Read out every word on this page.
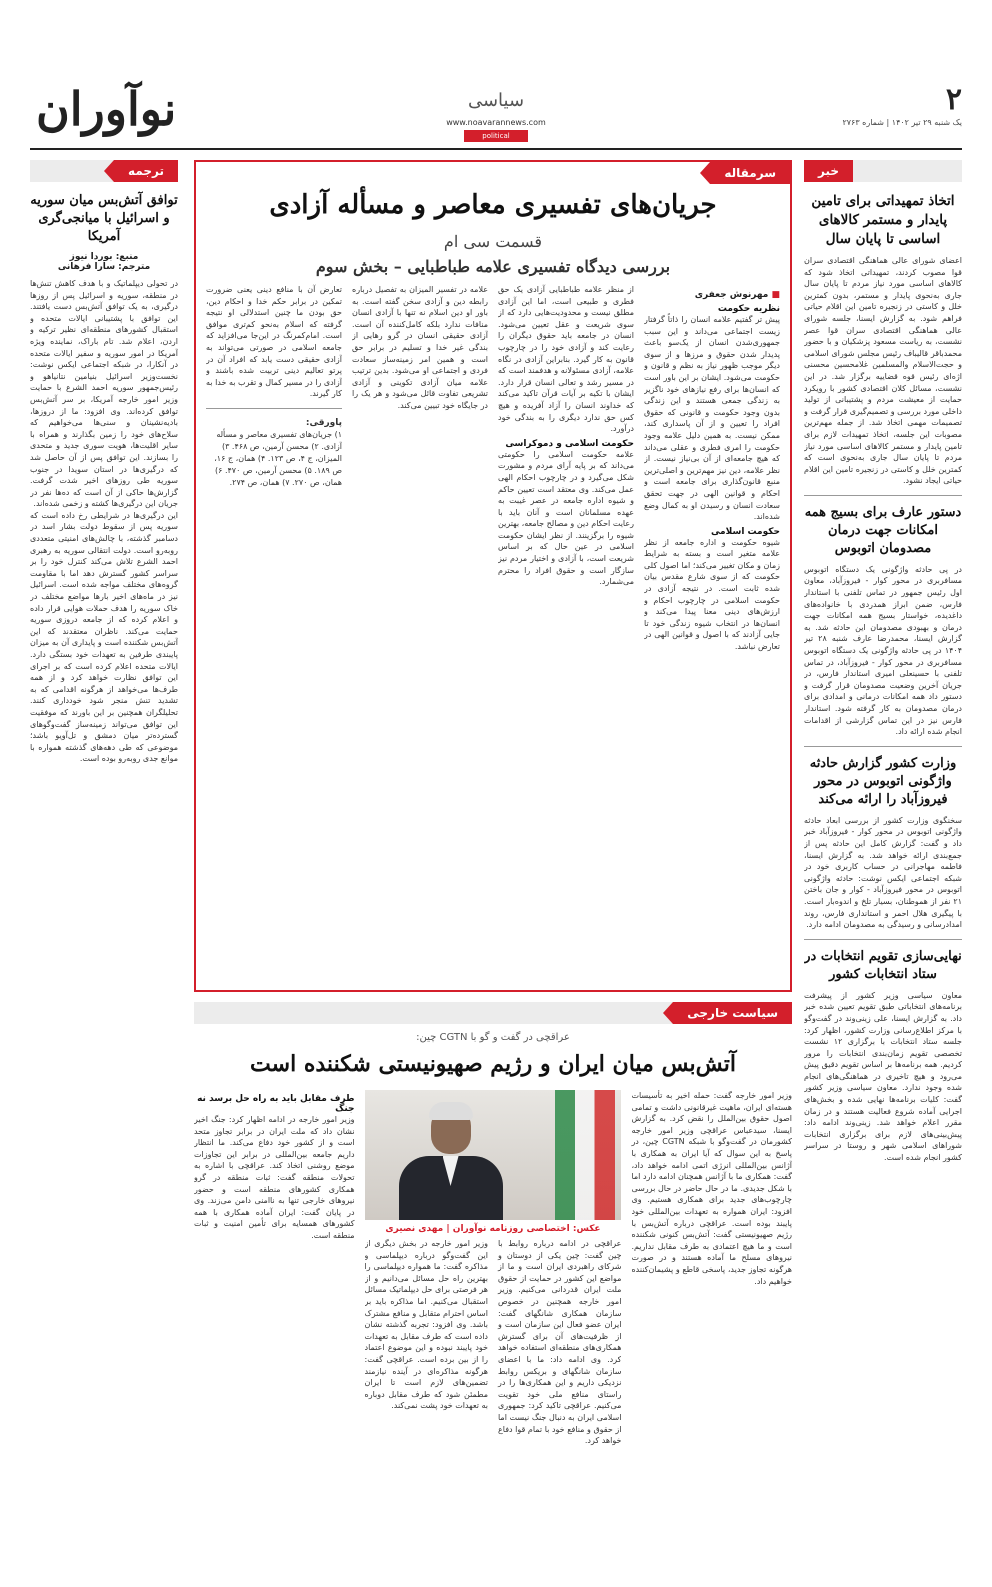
۲
یک شنبه ۲۹ تیر ۱۴۰۲ | شماره ۲۷۶۳
سیاسی
www.noavarannews.com
political
نوآوران
خبر
اتخاذ تمهیداتی برای تامین پایدار و مستمر کالاهای اساسی تا پایان سال

اعضای شورای عالی هماهنگی اقتصادی سران قوا مصوب کردند، تمهیداتی اتخاذ شود که کالاهای اساسی مورد نیاز مردم تا پایان سال جاری به‌نحوی پایدار و مستمر، بدون کمترین خلل و کاستی در زنجیره تامین این اقلام حیاتی فراهم شود. به گزارش ایسنا، جلسه شورای عالی هماهنگی اقتصادی سران قوا عصر نشست، به ریاست مسعود پزشکیان و با حضور محمدباقر قالیباف رئیس مجلس شورای اسلامی و حجت‌الاسلام والمسلمین غلامحسین محسنی اژه‌ای رئیس قوه قضاییه برگزار شد. در این نشست، مسائل کلان اقتصادی کشور با رویکرد حمایت از معیشت مردم و پشتیبانی از تولید داخلی مورد بررسی و تصمیم‌گیری قرار گرفت و تصمیمات مهمی اتخاذ شد. از جمله مهم‌ترین مصوبات این جلسه، اتخاذ تمهیدات لازم برای تامین پایدار و مستمر کالاهای اساسی مورد نیاز مردم تا پایان سال جاری به‌نحوی است که کمترین خلل و کاستی در زنجیره تامین این اقلام حیاتی ایجاد نشود.

دستور عارف برای بسیج همه امکانات جهت درمان مصدومان اتوبوس

در پی حادثه واژگونی یک دستگاه اتوبوس مسافربری در محور کوار - فیروزآباد، معاون اول رئیس جمهور در تماس تلفنی با استاندار فارس، ضمن ابراز همدردی با خانواده‌های داغدیده، خواستار بسیج همه امکانات جهت درمان و بهبودی مصدومان این حادثه شد. به گزارش ایسنا، محمدرضا عارف شنبه ۲۸ تیر ۱۴۰۴ در پی حادثه واژگونی یک دستگاه اتوبوس مسافربری در محور کوار - فیروزآباد، در تماس تلفنی با حسینعلی امیری استاندار فارس، در جریان آخرین وضعیت مصدومان قرار گرفت و دستور داد همه امکانات درمانی و امدادی برای درمان مصدومان به کار گرفته شود. استاندار فارس نیز در این تماس گزارشی از اقدامات انجام شده ارائه داد.

وزارت کشور گزارش حادثه واژگونی اتوبوس در محور فیروزآباد را ارائه می‌کند

سخنگوی وزارت کشور از بررسی ابعاد حادثه واژگونی اتوبوس در محور کوار - فیروزآباد خبر داد و گفت: گزارش کامل این حادثه پس از جمع‌بندی ارائه خواهد شد. به گزارش ایسنا، فاطمه مهاجرانی در حساب کاربری خود در شبکه اجتماعی ایکس نوشت: حادثه واژگونی اتوبوس در محور فیروزآباد - کوار و جان باختن ۲۱ نفر از هموطنان، بسیار تلخ و اندوه‌بار است. با پیگیری هلال احمر و استانداری فارس، روند امدادرسانی و رسیدگی به مصدومان ادامه دارد.

نهایی‌سازی تقویم انتخابات در ستاد انتخابات کشور

معاون سیاسی وزیر کشور از پیشرفت برنامه‌های انتخاباتی طبق تقویم تعیین شده خبر داد. به گزارش ایسنا، علی زینی‌وند در گفت‌وگو با مرکز اطلاع‌رسانی وزارت کشور، اظهار کرد: جلسه ستاد انتخابات با برگزاری ۱۲ نشست تخصصی تقویم زمان‌بندی انتخابات را مرور کردیم. همه برنامه‌ها بر اساس تقویم دقیق پیش می‌رود و هیچ تاخیری در هماهنگی‌های انجام شده وجود ندارد. معاون سیاسی وزیر کشور گفت: کلیات برنامه‌ها نهایی شده و بخش‌های اجرایی آماده شروع فعالیت هستند و در زمان مقرر اعلام خواهد شد. زینی‌وند ادامه داد: پیش‌بینی‌های لازم برای برگزاری انتخابات شوراهای اسلامی شهر و روستا در سراسر کشور انجام شده است.

سرمقاله
جریان‌های تفسیری معاصر و مسأله آزادی
قسمت سی ام
بررسی دیدگاه تفسیری علامه طباطبایی – بخش سوم
■ مهرنوش جعفری
نظریه حکومت

پیش تر گفتیم علامه انسان را ذاتاً گرفتار زیست اجتماعی می‌داند و این سبب جمهوری‌شدن انسان از یک‌سو باعث پدیدار شدن حقوق و مرزها و از سوی دیگر موجب ظهور نیاز به نظم و قانون و حکومت می‌شود. ایشان بر این باور است که انسان‌ها برای رفع نیازهای خود ناگزیر به زندگی جمعی هستند و این زندگی بدون وجود حکومت و قانونی که حقوق افراد را تعیین و از آن پاسداری کند، ممکن نیست. به همین دلیل علامه وجود حکومت را امری فطری و عقلی می‌داند که هیچ جامعه‌ای از آن بی‌نیاز نیست. از نظر علامه، دین نیز مهم‌ترین و اصلی‌ترین منبع قانون‌گذاری برای جامعه است و احکام و قوانین الهی در جهت تحقق سعادت انسان و رسیدن او به کمال وضع شده‌اند.

حکومت اسلامی

شیوه حکومت و اداره جامعه از نظر علامه متغیر است و بسته به شرایط زمان و مکان تغییر می‌کند؛ اما اصول کلی حکومت که از سوی شارع مقدس بیان شده ثابت است. در نتیجه آزادی در حکومت اسلامی در چارچوب احکام و ارزش‌های دینی معنا پیدا می‌کند و انسان‌ها در انتخاب شیوه زندگی خود تا جایی آزادند که با اصول و قوانین الهی در تعارض نباشد.

از منظر علامه طباطبایی آزادی یک حق فطری و طبیعی است، اما این آزادی مطلق نیست و محدودیت‌هایی دارد که از سوی شریعت و عقل تعیین می‌شود. انسان در جامعه باید حقوق دیگران را رعایت کند و آزادی خود را در چارچوب قانون به کار گیرد. بنابراین آزادی در نگاه علامه، آزادی مسئولانه و هدفمند است که در مسیر رشد و تعالی انسان قرار دارد. ایشان با تکیه بر آیات قرآن تاکید می‌کند که خداوند انسان را آزاد آفریده و هیچ کس حق ندارد دیگری را به بندگی خود درآورد.

حکومت اسلامی و دموکراسی

علامه حکومت اسلامی را حکومتی می‌داند که بر پایه آرای مردم و مشورت شکل می‌گیرد و در چارچوب احکام الهی عمل می‌کند. وی معتقد است تعیین حاکم و شیوه اداره جامعه در عصر غیبت به عهده مسلمانان است و آنان باید با رعایت احکام دین و مصالح جامعه، بهترین شیوه را برگزینند. از نظر ایشان حکومت اسلامی در عین حال که بر اساس شریعت است، با آزادی و اختیار مردم نیز سازگار است و حقوق افراد را محترم می‌شمارد.

علامه در تفسیر المیزان به تفصیل درباره رابطه دین و آزادی سخن گفته است. به باور او دین اسلام نه تنها با آزادی انسان منافات ندارد بلکه کامل‌کننده آن است. آزادی حقیقی انسان در گرو رهایی از بندگی غیر خدا و تسلیم در برابر حق است و همین امر زمینه‌ساز سعادت فردی و اجتماعی او می‌شود. بدین ترتیب علامه میان آزادی تکوینی و آزادی تشریعی تفاوت قائل می‌شود و هر یک را در جایگاه خود تبیین می‌کند.

تعارض آن با منافع دینی یعنی ضرورت تمکین در برابر حکم خدا و احکام دین، حق بودن ما چنین استدلالی او نتیجه گرفته که اسلام به‌نحو کم‌تری موافق است. امام‌کمرنگ در این‌جا می‌افزاید که جامعه اسلامی در صورتی می‌تواند به آزادی حقیقی دست یابد که افراد آن در پرتو تعالیم دینی تربیت شده باشند و آزادی را در مسیر کمال و تقرب به خدا به کار گیرند.

پاورقی:

۱) جریان‌های تفسیری معاصر و مسأله آزادی. ۲) محسن آرمین، ص ۴۶۸. ۳) المیزان، ج ۴، ص ۱۲۳. ۴) همان، ج ۱۶، ص ۱۸۹. ۵) محسن آرمین، ص ۴۷۰. ۶) همان، ص ۲۷۰. ۷) همان، ص ۲۷۴.

سیاست خارجی
عراقچی در گفت و گو با CGTN چین:
آتش‌بس میان ایران و رژیم صهیونیستی شکننده است

وزیر امور خارجه گفت: حمله اخیر به تأسیسات هسته‌ای ایران، ماهیت غیرقانونی داشت و تمامی اصول حقوق بین‌الملل را نقض کرد. به گزارش ایسنا، سیدعباس عراقچی وزیر امور خارجه کشورمان در گفت‌وگو با شبکه CGTN چین، در پاسخ به این سوال که آیا ایران به همکاری با آژانس بین‌المللی انرژی اتمی ادامه خواهد داد، گفت: همکاری ما با آژانس همچنان ادامه دارد اما با شکل جدیدی. ما در حال حاضر در حال بررسی چارچوب‌های جدید برای همکاری هستیم. وی افزود: ایران همواره به تعهدات بین‌المللی خود پایبند بوده است. عراقچی درباره آتش‌بس با رژیم صهیونیستی گفت: آتش‌بس کنونی شکننده است و ما هیچ اعتمادی به طرف مقابل نداریم. نیروهای مسلح ما آماده هستند و در صورت هرگونه تجاوز جدید، پاسخی قاطع و پشیمان‌کننده خواهیم داد.

عکس: اختصاصی روزنامه نوآوران | مهدی نصیری

عراقچی در ادامه درباره روابط با چین گفت: چین یکی از دوستان و شرکای راهبردی ایران است و ما از مواضع این کشور در حمایت از حقوق ملت ایران قدردانی می‌کنیم. وزیر امور خارجه همچنین در خصوص سازمان همکاری شانگهای گفت: ایران عضو فعال این سازمان است و از ظرفیت‌های آن برای گسترش همکاری‌های منطقه‌ای استفاده خواهد کرد. وی ادامه داد: ما با اعضای سازمان شانگهای و بریکس روابط نزدیکی داریم و این همکاری‌ها را در راستای منافع ملی خود تقویت می‌کنیم. عراقچی تاکید کرد: جمهوری اسلامی ایران به دنبال جنگ نیست اما از حقوق و منافع خود با تمام قوا دفاع خواهد کرد.

وزیر امور خارجه در بخش دیگری از این گفت‌وگو درباره دیپلماسی و مذاکره گفت: ما همواره دیپلماسی را بهترین راه حل مسائل می‌دانیم و از هر فرصتی برای حل دیپلماتیک مسائل استقبال می‌کنیم. اما مذاکره باید بر اساس احترام متقابل و منافع مشترک باشد. وی افزود: تجربه گذشته نشان داده است که طرف مقابل به تعهدات خود پایبند نبوده و این موضوع اعتماد را از بین برده است. عراقچی گفت: هرگونه مذاکره‌ای در آینده نیازمند تضمین‌های لازم است تا ایران مطمئن شود که طرف مقابل دوباره به تعهدات خود پشت نمی‌کند.

طرف مقابل باید به راه حل برسد نه جنگ

وزیر امور خارجه در ادامه اظهار کرد: جنگ اخیر نشان داد که ملت ایران در برابر تجاوز متحد است و از کشور خود دفاع می‌کند. ما انتظار داریم جامعه بین‌المللی در برابر این تجاوزات موضع روشنی اتخاذ کند. عراقچی با اشاره به تحولات منطقه گفت: ثبات منطقه در گرو همکاری کشورهای منطقه است و حضور نیروهای خارجی تنها به ناامنی دامن می‌زند. وی در پایان گفت: ایران آماده همکاری با همه کشورهای همسایه برای تأمین امنیت و ثبات منطقه است.

ترجمه
توافق آتش‌بس میان سوریه و اسرائیل با میانجی‌گری آمریکا
منبع: بوردا نیوز
مترجم: سارا فرهانی

در تحولی دیپلماتیک و با هدف کاهش تنش‌ها در منطقه، سوریه و اسرائیل پس از روزها درگیری، به یک توافق آتش‌بس دست یافتند. این توافق با پشتیبانی ایالات متحده و استقبال کشورهای منطقه‌ای نظیر ترکیه و اردن، اعلام شد. تام باراک، نماینده ویژه آمریکا در امور سوریه و سفیر ایالات متحده در آنکارا، در شبکه اجتماعی ایکس نوشت: نخست‌وزیر اسرائیل بنیامین نتانیاهو و رئیس‌جمهور سوریه احمد الشرع با حمایت وزیر امور خارجه آمریکا، بر سر آتش‌بس توافق کرده‌اند. وی افزود: ما از دروزها، بادیه‌نشینان و سنی‌ها می‌خواهیم که سلاح‌های خود را زمین بگذارند و همراه با سایر اقلیت‌ها، هویت سوری جدید و متحدی را بسازند. این توافق پس از آن حاصل شد که درگیری‌ها در استان سویدا در جنوب سوریه طی روزهای اخیر شدت گرفت. گزارش‌ها حاکی از آن است که ده‌ها نفر در جریان این درگیری‌ها کشته و زخمی شده‌اند.

این درگیری‌ها در شرایطی رخ داده است که سوریه پس از سقوط دولت بشار اسد در دسامبر گذشته، با چالش‌های امنیتی متعددی روبه‌رو است. دولت انتقالی سوریه به رهبری احمد الشرع تلاش می‌کند کنترل خود را بر سراسر کشور گسترش دهد اما با مقاومت گروه‌های مختلف مواجه شده است. اسرائیل نیز در ماه‌های اخیر بارها مواضع مختلف در خاک سوریه را هدف حملات هوایی قرار داده و اعلام کرده که از جامعه دروزی سوریه حمایت می‌کند. ناظران معتقدند که این آتش‌بس شکننده است و پایداری آن به میزان پایبندی طرفین به تعهدات خود بستگی دارد. ایالات متحده اعلام کرده است که بر اجرای این توافق نظارت خواهد کرد و از همه طرف‌ها می‌خواهد از هرگونه اقدامی که به تشدید تنش منجر شود خودداری کنند. تحلیلگران همچنین بر این باورند که موفقیت این توافق می‌تواند زمینه‌ساز گفت‌وگوهای گسترده‌تر میان دمشق و تل‌آویو باشد؛ موضوعی که طی دهه‌های گذشته همواره با موانع جدی روبه‌رو بوده است.
